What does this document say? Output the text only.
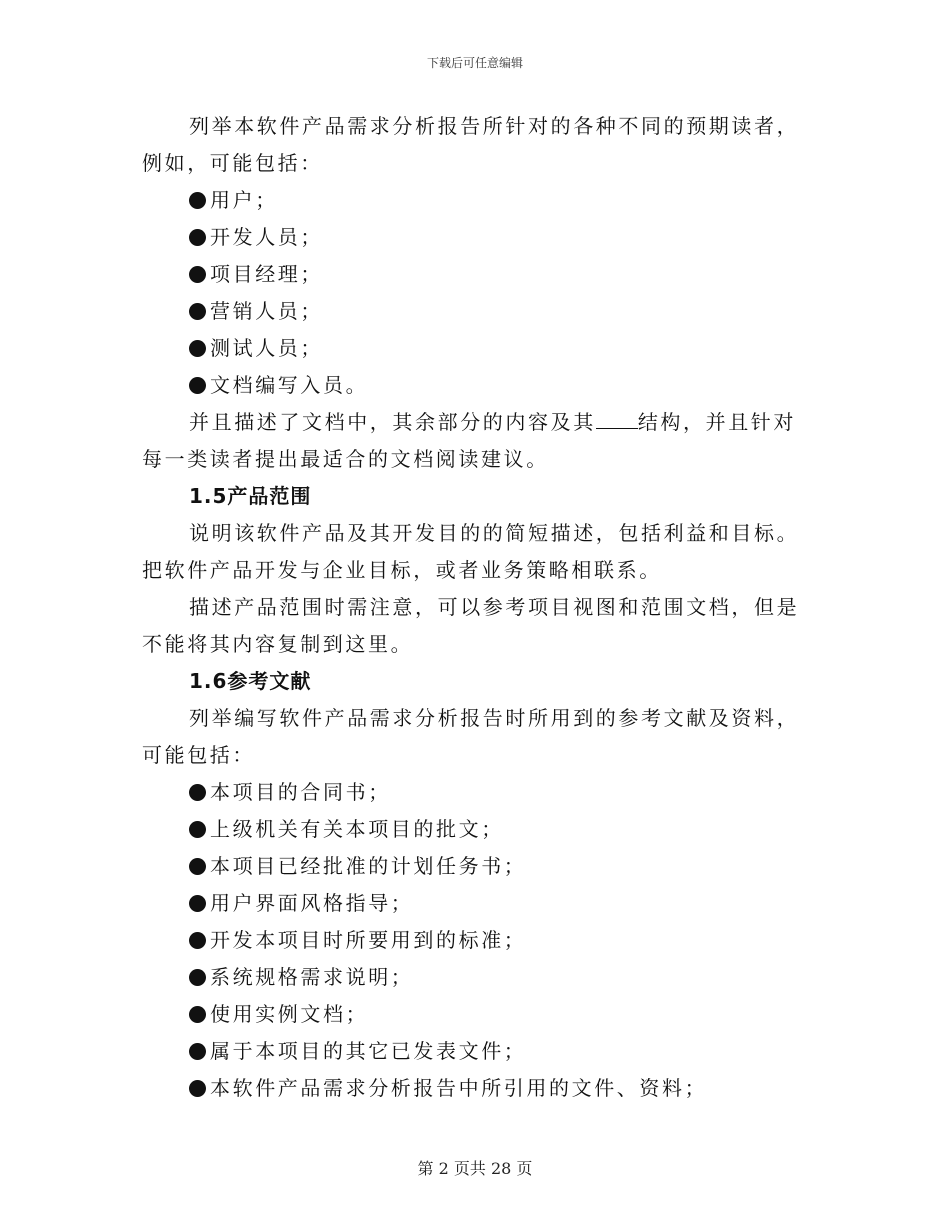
下载后可任意编辑

列举本软件产品需求分析报告所针对的各种不同的预期读者，例如，可能包括：

用户；
开发人员；
项目经理；
营销人员；
测试人员；
文档编写入员。

并且描述了文档中，其余部分的内容及其 结构，并且针对每一类读者提出最适合的文档阅读建议。

1.5产品范围

说明该软件产品及其开发目的的简短描述，包括利益和目标。把软件产品开发与企业目标，或者业务策略相联系。

描述产品范围时需注意，可以参考项目视图和范围文档，但是不能将其内容复制到这里。

1.6参考文献

列举编写软件产品需求分析报告时所用到的参考文献及资料，可能包括：

本项目的合同书；
上级机关有关本项目的批文；
本项目已经批准的计划任务书；
用户界面风格指导；
开发本项目时所要用到的标准；
系统规格需求说明；
使用实例文档；
属于本项目的其它已发表文件；
本软件产品需求分析报告中所引用的文件、资料；
第 2 页共 28 页
